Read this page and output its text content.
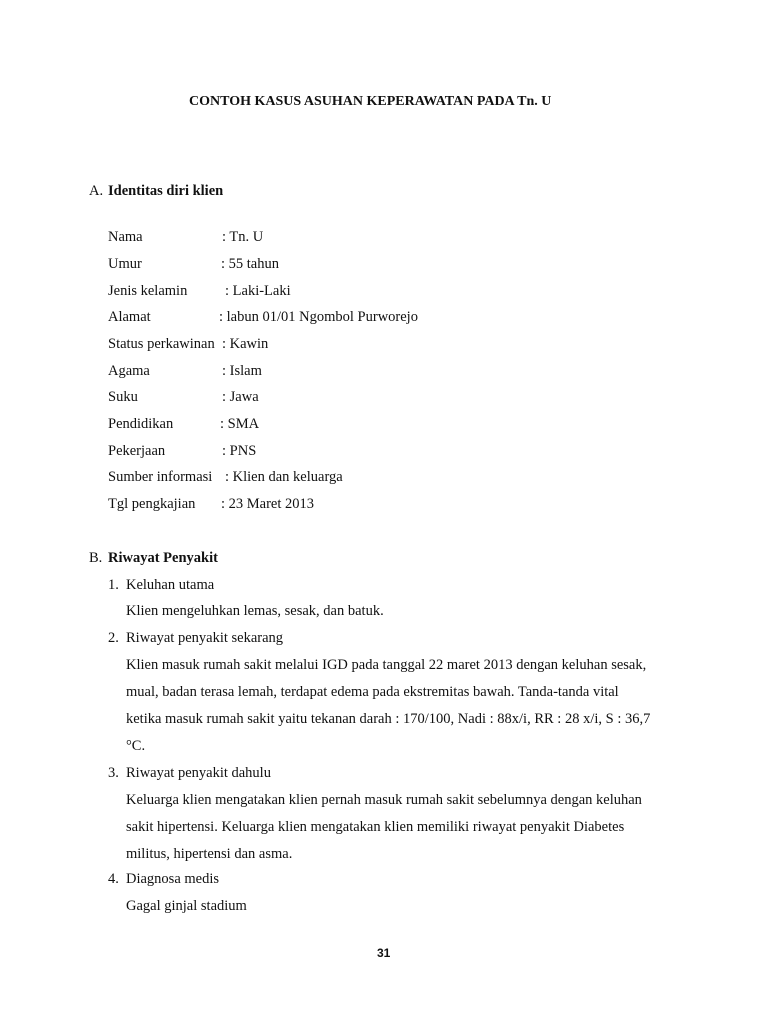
CONTOH KASUS ASUHAN KEPERAWATAN PADA Tn. U
A. Identitas diri klien
Nama	: Tn. U
Umur	: 55 tahun
Jenis kelamin	: Laki-Laki
Alamat	: labun 01/01 Ngombol Purworejo
Status perkawinan : Kawin
Agama	: Islam
Suku	: Jawa
Pendidikan	: SMA
Pekerjaan	: PNS
Sumber informasi : Klien dan keluarga
Tgl pengkajian : 23 Maret 2013
B. Riwayat Penyakit
1. Keluhan utama
Klien mengeluhkan lemas, sesak, dan batuk.
2. Riwayat penyakit sekarang
Klien masuk rumah sakit melalui IGD pada tanggal 22 maret 2013 dengan keluhan sesak,
mual, badan terasa lemah, terdapat edema pada ekstremitas bawah. Tanda-tanda vital
ketika masuk rumah sakit yaitu tekanan darah : 170/100, Nadi : 88x/i, RR : 28 x/i, S : 36,7
°C.
3. Riwayat penyakit dahulu
Keluarga klien mengatakan klien pernah masuk rumah sakit sebelumnya dengan keluhan
sakit hipertensi. Keluarga klien mengatakan klien memiliki riwayat penyakit Diabetes
militus, hipertensi dan asma.
4. Diagnosa medis
Gagal ginjal stadium
31
